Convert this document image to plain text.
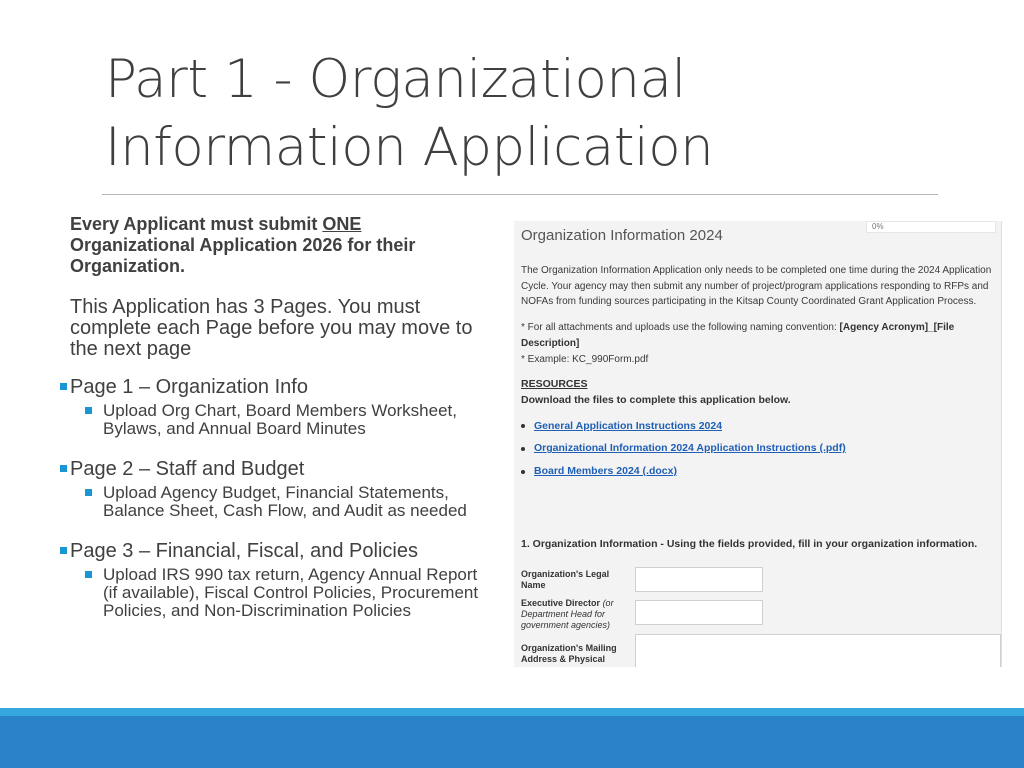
Part 1 - Organizational
Information Application
Every Applicant must submit ONE Organizational Application 2026 for their Organization.
This Application has 3 Pages. You must complete each Page before you may move to the next page
Page 1 – Organization Info
Upload Org Chart, Board Members Worksheet, Bylaws, and Annual Board Minutes
Page 2 – Staff and Budget
Upload Agency Budget, Financial Statements, Balance Sheet, Cash Flow, and Audit as needed
Page 3 – Financial, Fiscal, and Policies
Upload IRS 990 tax return, Agency Annual Report (if available), Fiscal Control Policies, Procurement Policies, and Non-Discrimination Policies
Organization Information 2024
0%

The Organization Information Application only needs to be completed one time during the 2024 Application Cycle. Your agency may then submit any number of project/program applications responding to RFPs and NOFAs from funding sources participating in the Kitsap County Coordinated Grant Application Process.

* For all attachments and uploads use the following naming convention: [Agency Acronym]_[File Description]
* Example: KC_990Form.pdf

RESOURCES
Download the files to complete this application below.
General Application Instructions 2024
Organizational Information 2024 Application Instructions (.pdf)
Board Members 2024 (.docx)
1. Organization Information - Using the fields provided, fill in your organization information.
Organization's Legal Name
Executive Director (or Department Head for government agencies)
Organization's Mailing Address & Physical
